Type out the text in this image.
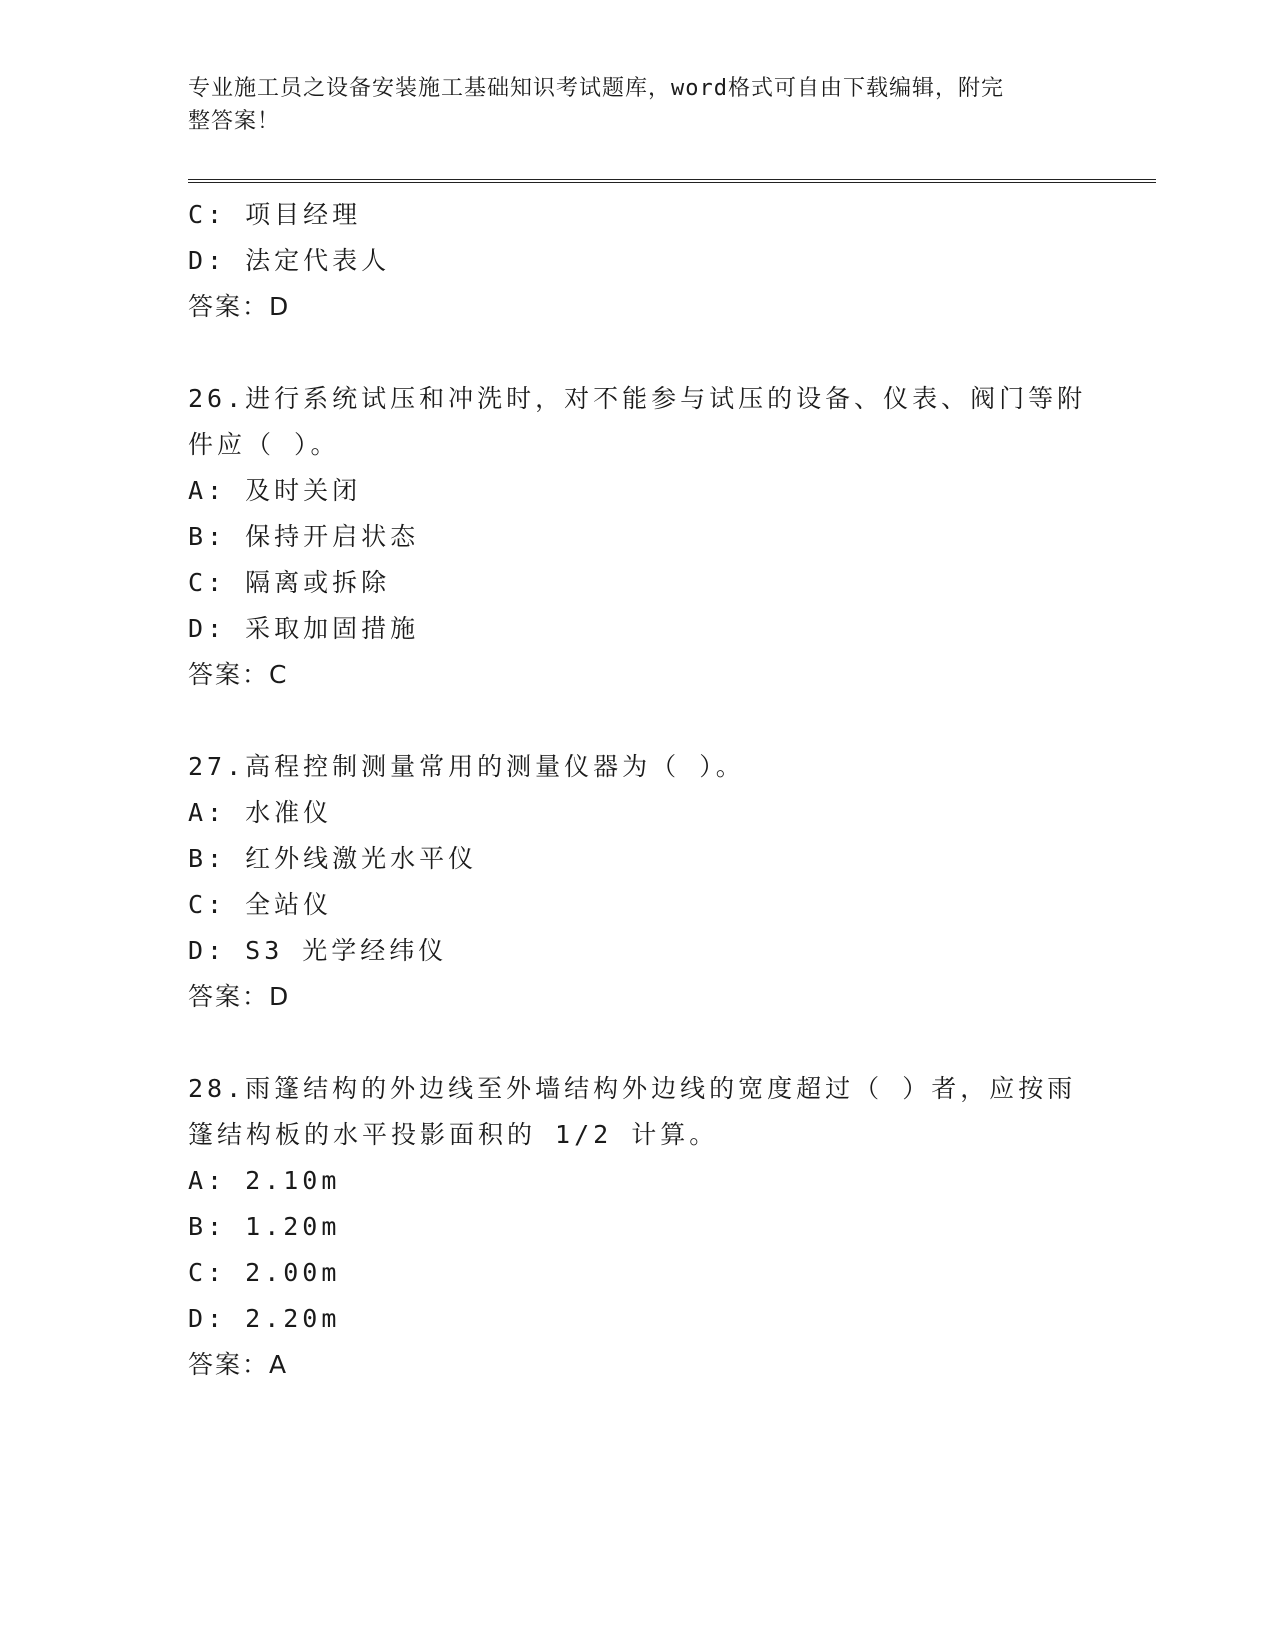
专业施工员之设备安装施工基础知识考试题库，word格式可自由下载编辑，附完
整答案！
C: 项目经理
D: 法定代表人
答案：D
26.进行系统试压和冲洗时，对不能参与试压的设备、仪表、阀门等附
件应（ ）。
A: 及时关闭
B: 保持开启状态
C: 隔离或拆除
D: 采取加固措施
答案：C
27.高程控制测量常用的测量仪器为（ ）。
A: 水准仪
B: 红外线激光水平仪
C: 全站仪
D: S3 光学经纬仪
答案：D
28.雨篷结构的外边线至外墙结构外边线的宽度超过（ ）者，应按雨
篷结构板的水平投影面积的 1/2 计算。
A: 2.10m
B: 1.20m
C: 2.00m
D: 2.20m
答案：A
